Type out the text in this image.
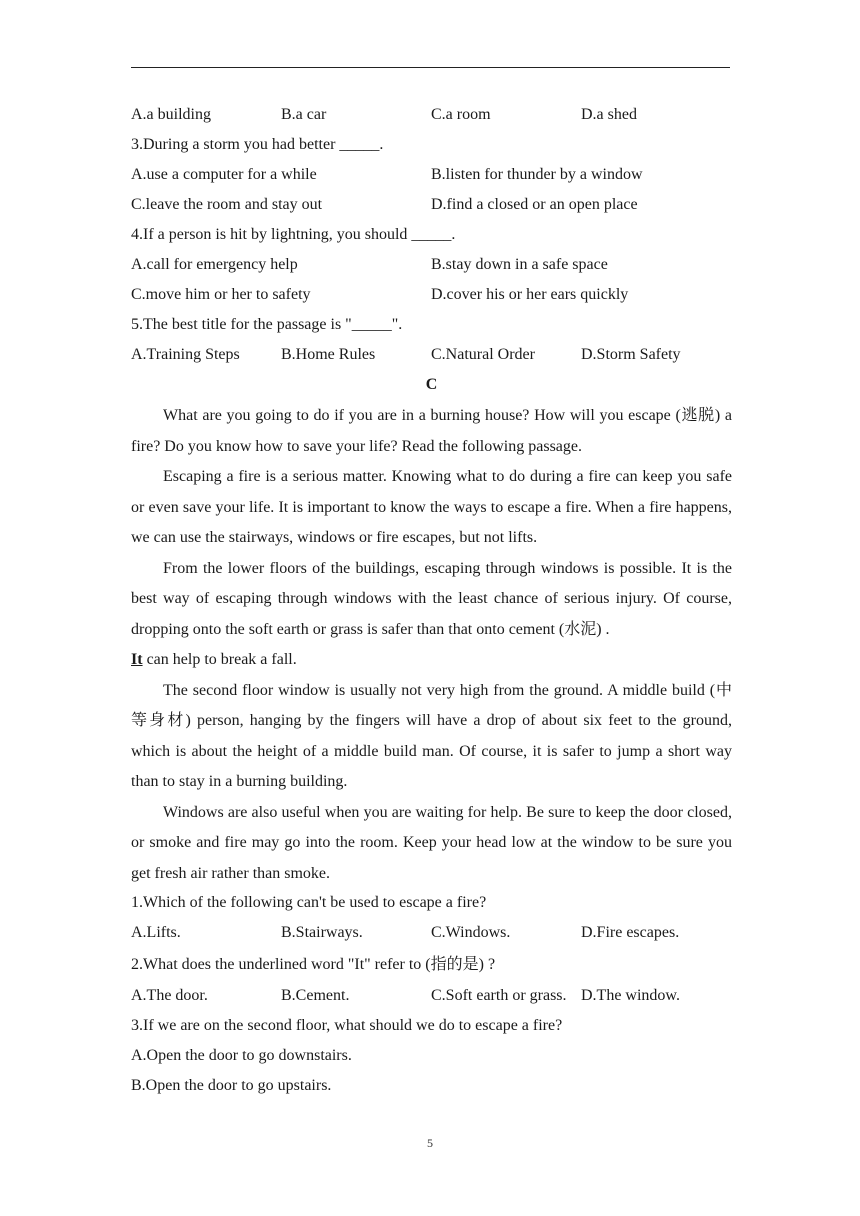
A.a building	B.a car	C.a room	D.a shed
3.During a storm you had better _____.
A.use a computer for a while	B.listen for thunder by a window
C.leave the room and stay out	D.find a closed or an open place
4.If a person is hit by lightning, you should _____.
A.call for emergency help	B.stay down in a safe space
C.move him or her to safety	D.cover his or her ears quickly
5.The best title for the passage is "_____".
A.Training Steps	B.Home Rules	C.Natural Order	D.Storm Safety
C

What are you going to do if you are in a burning house? How will you escape (逃脱) a fire? Do you know how to save your life? Read the following passage.

Escaping a fire is a serious matter. Knowing what to do during a fire can keep you safe or even save your life. It is important to know the ways to escape a fire. When a fire happens, we can use the stairways, windows or fire escapes, but not lifts.

From the lower floors of the buildings, escaping through windows is possible. It is the best way of escaping through windows with the least chance of serious injury. Of course, dropping onto the soft earth or grass is safer than that onto cement (水泥) .
It can help to break a fall.

The second floor window is usually not very high from the ground. A middle build (中等身材) person, hanging by the fingers will have a drop of about six feet to the ground, which is about the height of a middle build man. Of course, it is safer to jump a short way than to stay in a burning building.

Windows are also useful when you are waiting for help. Be sure to keep the door closed, or smoke and fire may go into the room. Keep your head low at the window to be sure you get fresh air rather than smoke.

1.Which of the following can't be used to escape a fire?
A.Lifts.	B.Stairways.	C.Windows.	D.Fire escapes.
2.What does the underlined word "It" refer to (指的是) ?
A.The door.	B.Cement.	C.Soft earth or grass. D.The window.
3.If we are on the second floor, what should we do to escape a fire?
A.Open the door to go downstairs.
B.Open the door to go upstairs.
5
